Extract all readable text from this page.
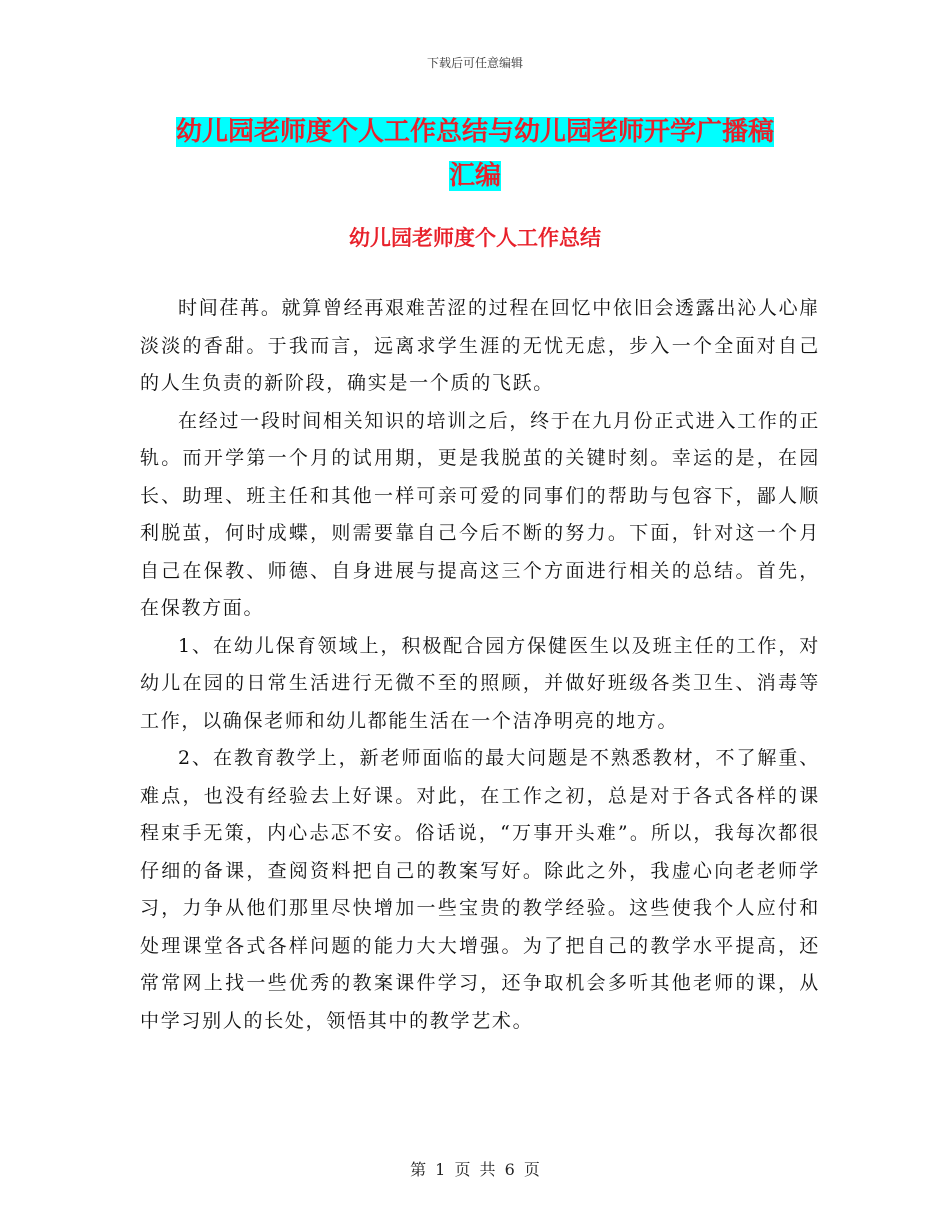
下载后可任意编辑
幼儿园老师度个人工作总结与幼儿园老师开学广播稿
汇编
幼儿园老师度个人工作总结

时间荏苒。就算曾经再艰难苦涩的过程在回忆中依旧会透露出沁人心扉淡淡的香甜。于我而言，远离求学生涯的无忧无虑，步入一个全面对自己的人生负责的新阶段，确实是一个质的飞跃。

在经过一段时间相关知识的培训之后，终于在九月份正式进入工作的正轨。而开学第一个月的试用期，更是我脱茧的关键时刻。幸运的是，在园长、助理、班主任和其他一样可亲可爱的同事们的帮助与包容下，鄙人顺利脱茧，何时成蝶，则需要靠自己今后不断的努力。下面，针对这一个月自己在保教、师德、自身进展与提高这三个方面进行相关的总结。首先，在保教方面。

1、在幼儿保育领域上，积极配合园方保健医生以及班主任的工作，对幼儿在园的日常生活进行无微不至的照顾，并做好班级各类卫生、消毒等工作，以确保老师和幼儿都能生活在一个洁净明亮的地方。

2、在教育教学上，新老师面临的最大问题是不熟悉教材，不了解重、难点，也没有经验去上好课。对此，在工作之初，总是对于各式各样的课程束手无策，内心忐忑不安。俗话说，“万事开头难”。所以，我每次都很仔细的备课，查阅资料把自己的教案写好。除此之外，我虚心向老老师学习，力争从他们那里尽快增加一些宝贵的教学经验。这些使我个人应付和处理课堂各式各样问题的能力大大增强。为了把自己的教学水平提高，还常常网上找一些优秀的教案课件学习，还争取机会多听其他老师的课，从中学习别人的长处，领悟其中的教学艺术。

第 1 页 共 6 页
